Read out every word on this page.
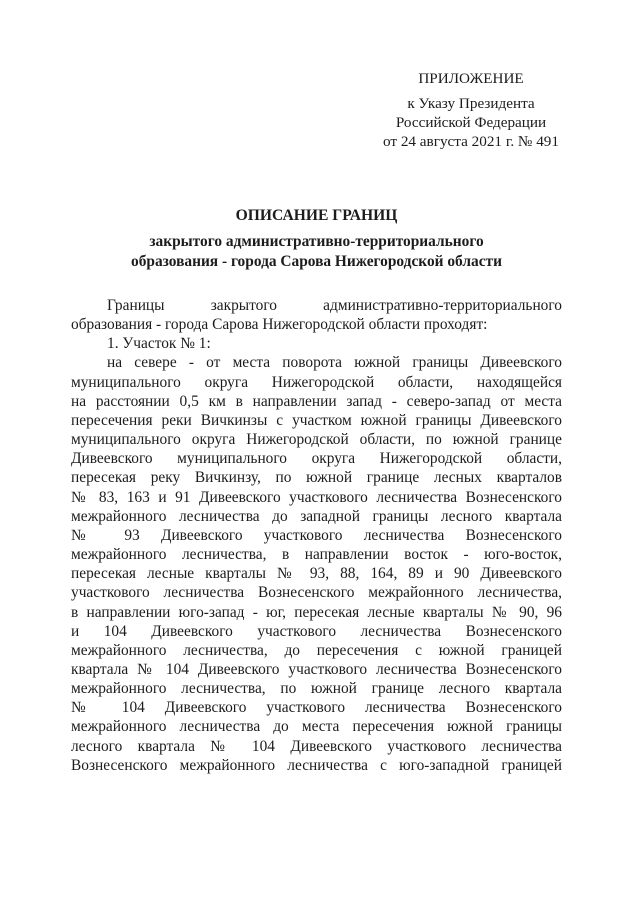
ПРИЛОЖЕНИЕ
к Указу Президента
Российской Федерации
от 24 августа 2021 г. № 491
ОПИСАНИЕ ГРАНИЦ
закрытого административно-территориального
образования - города Сарова Нижегородской области
Границы закрытого административно-территориального
образования - города Сарова Нижегородской области проходят:
1. Участок № 1:
на севере - от места поворота южной границы Дивеевского
муниципального округа Нижегородской области, находящейся
на расстоянии 0,5 км в направлении запад - северо-запад от места
пересечения реки Вичкинзы с участком южной границы Дивеевского
муниципального округа Нижегородской области, по южной границе
Дивеевского муниципального округа Нижегородской области,
пересекая реку Вичкинзу, по южной границе лесных кварталов
№ 83, 163 и 91 Дивеевского участкового лесничества Вознесенского
межрайонного лесничества до западной границы лесного квартала
№ 93 Дивеевского участкового лесничества Вознесенского
межрайонного лесничества, в направлении восток - юго-восток,
пересекая лесные кварталы № 93, 88, 164, 89 и 90 Дивеевского
участкового лесничества Вознесенского межрайонного лесничества,
в направлении юго-запад - юг, пересекая лесные кварталы № 90, 96
и 104 Дивеевского участкового лесничества Вознесенского
межрайонного лесничества, до пересечения с южной границей
квартала № 104 Дивеевского участкового лесничества Вознесенского
межрайонного лесничества, по южной границе лесного квартала
№ 104 Дивеевского участкового лесничества Вознесенского
межрайонного лесничества до места пересечения южной границы
лесного квартала № 104 Дивеевского участкового лесничества
Вознесенского межрайонного лесничества с юго-западной границей
